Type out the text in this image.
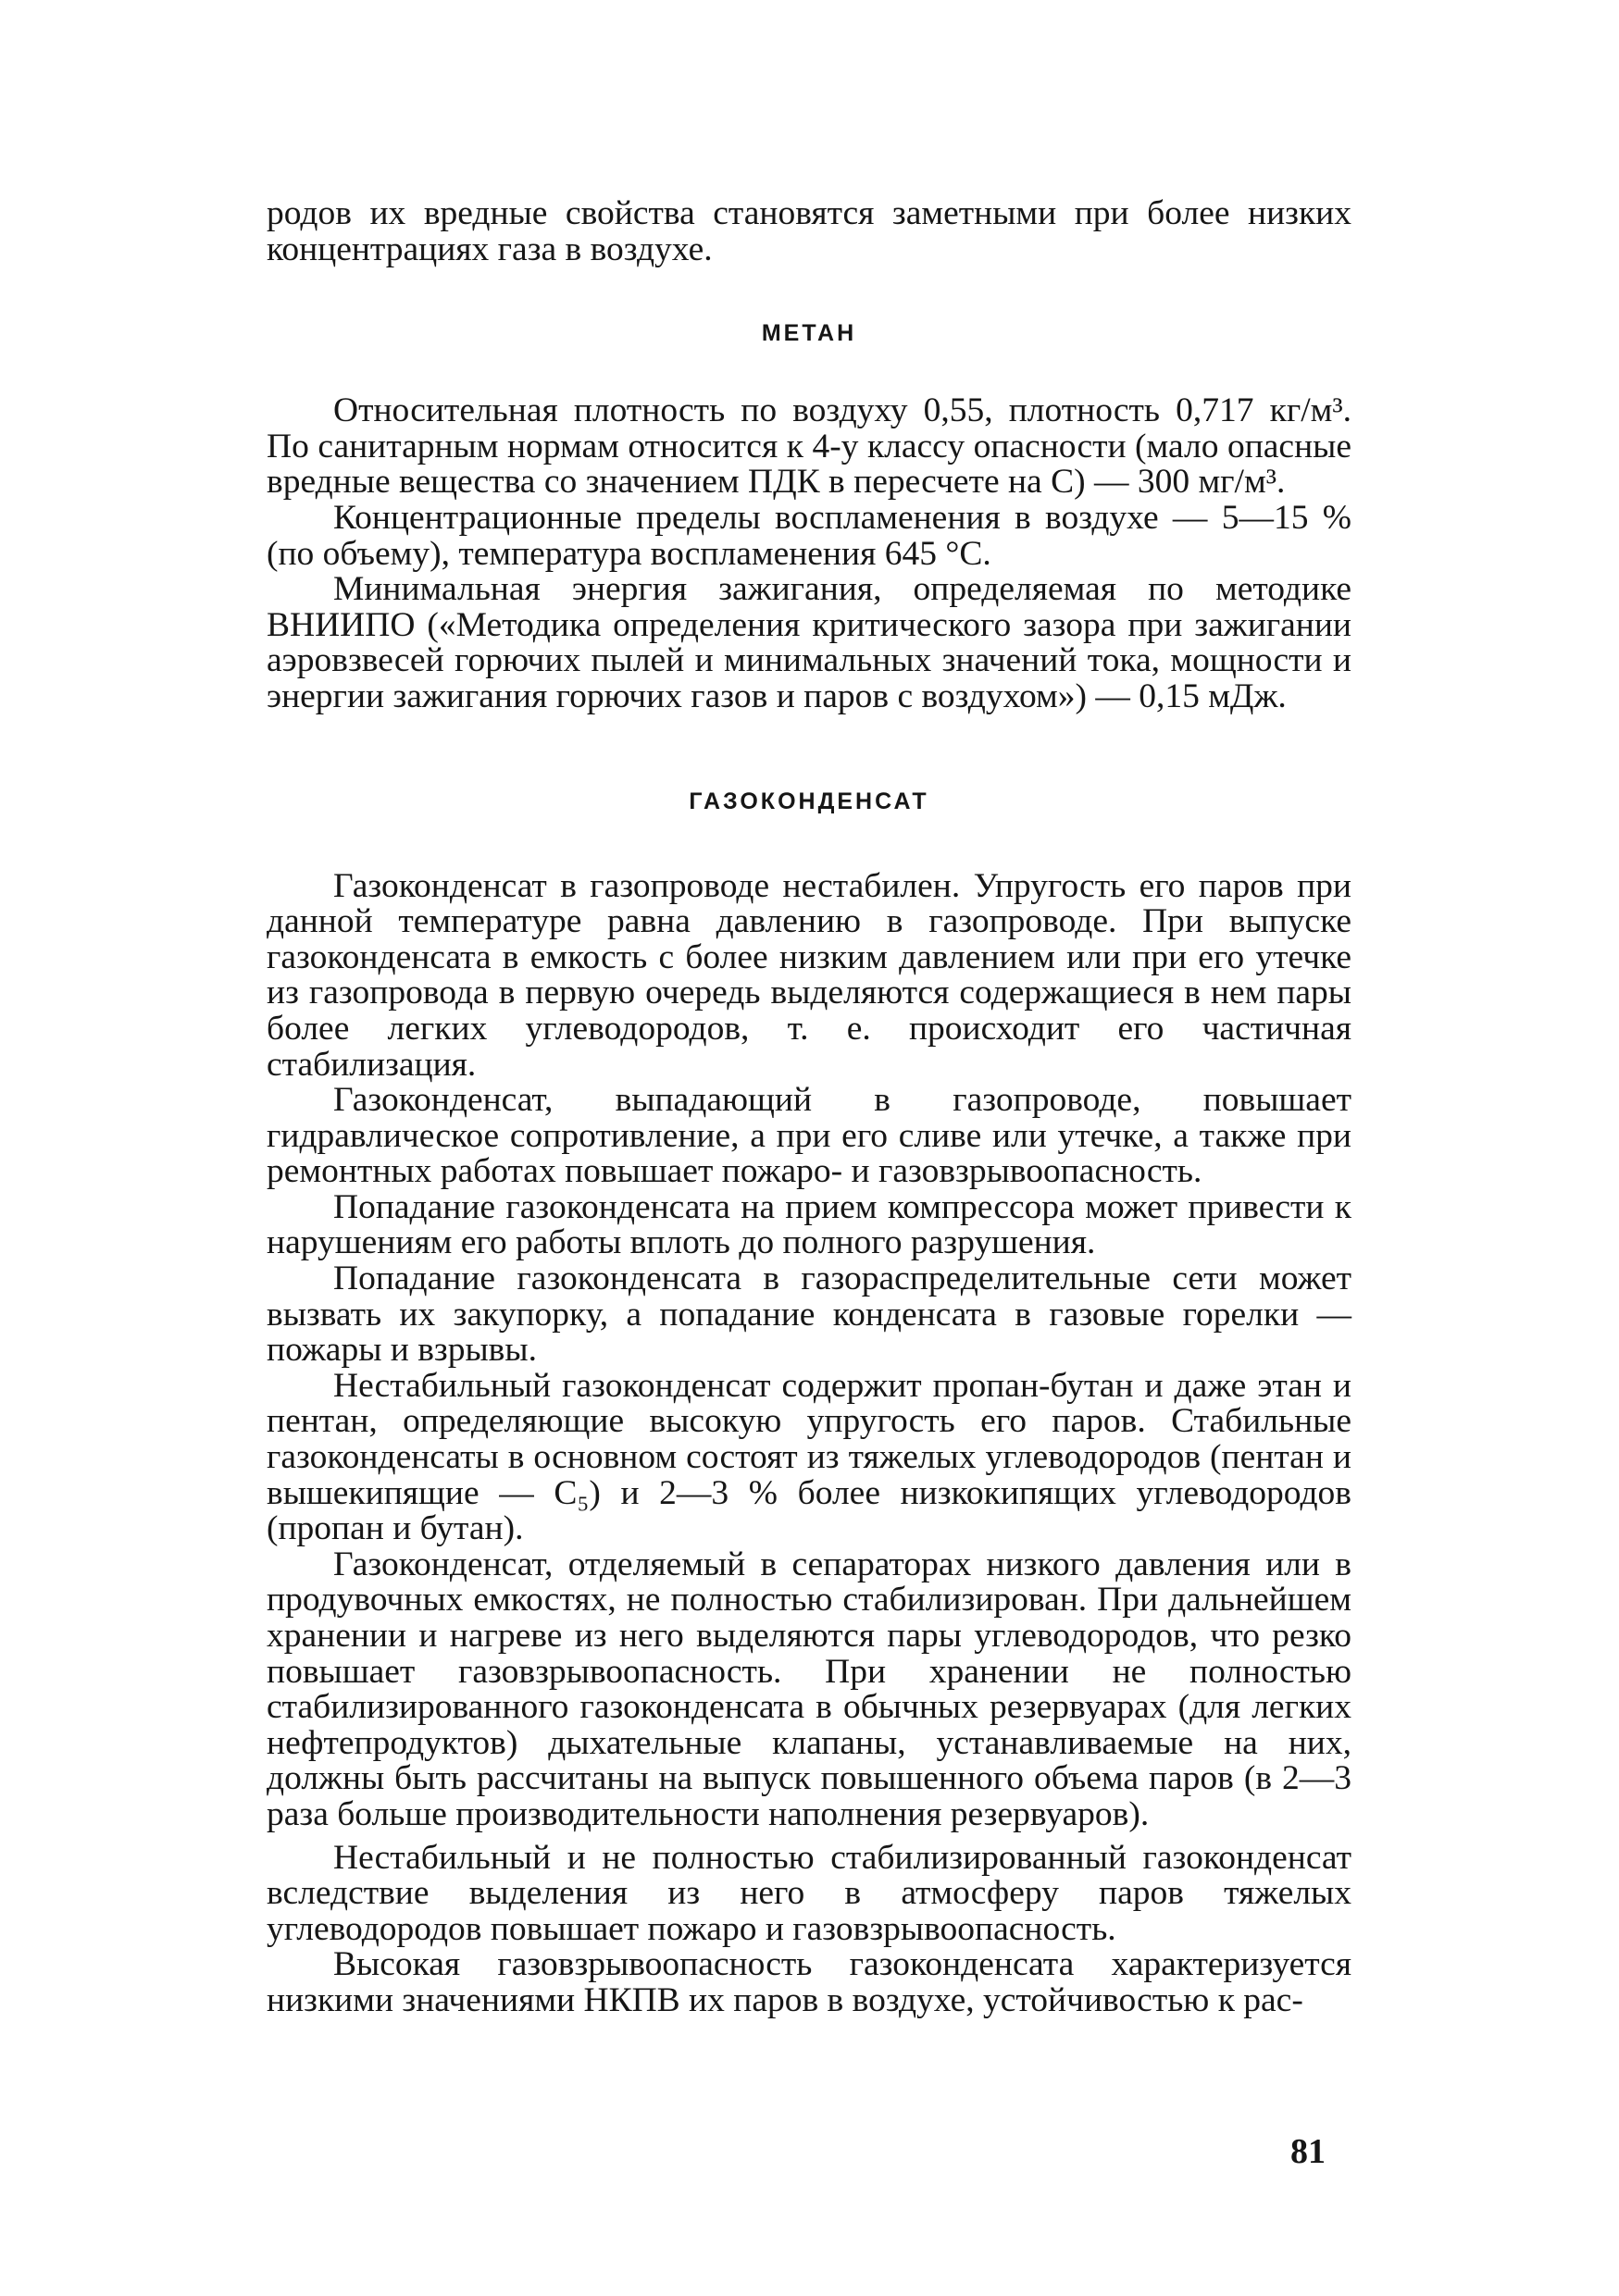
родов их вредные свойства становятся заметными при более низких концентрациях газа в воздухе.

МЕТАН

Относительная плотность по воздуху 0,55, плотность 0,717 кг/м³. По санитарным нормам относится к 4-у классу опасности (мало опасные вредные вещества со значением ПДК в пересчете на С) — 300 мг/м³.

Концентрационные пределы воспламенения в воздухе — 5—15 % (по объему), температура воспламенения 645 °С.

Минимальная энергия зажигания, определяемая по методике ВНИИПО («Методика определения критического зазора при зажигании аэровзвесей горючих пылей и минимальных значений тока, мощности и энергии зажигания горючих газов и паров с воздухом») — 0,15 мДж.

ГАЗОКОНДЕНСАТ

Газоконденсат в газопроводе нестабилен. Упругость его паров при данной температуре равна давлению в газопроводе. При выпуске газоконденсата в емкость с более низким давлением или при его утечке из газопровода в первую очередь выделяются содержащиеся в нем пары более легких углеводородов, т. е. происходит его частичная стабилизация.

Газоконденсат, выпадающий в газопроводе, повышает гидравлическое сопротивление, а при его сливе или утечке, а также при ремонтных работах повышает пожаро- и газовзрывоопасность.

Попадание газоконденсата на прием компрессора может привести к нарушениям его работы вплоть до полного разрушения.

Попадание газоконденсата в газораспределительные сети может вызвать их закупорку, а попадание конденсата в газовые горелки — пожары и взрывы.

Нестабильный газоконденсат содержит пропан-бутан и даже этан и пентан, определяющие высокую упругость его паров. Стабильные газоконденсаты в основном состоят из тяжелых углеводородов (пентан и вышекипящие — C₅) и 2—3 % более низкокипящих углеводородов (пропан и бутан).

Газоконденсат, отделяемый в сепараторах низкого давления или в продувочных емкостях, не полностью стабилизирован. При дальнейшем хранении и нагреве из него выделяются пары углеводородов, что резко повышает газовзрывоопасность. При хранении не полностью стабилизированного газоконденсата в обычных резервуарах (для легких нефтепродуктов) дыхательные клапаны, устанавливаемые на них, должны быть рассчитаны на выпуск повышенного объема паров (в 2—3 раза больше производительности наполнения резервуаров).

Нестабильный и не полностью стабилизированный газоконденсат вследствие выделения из него в атмосферу паров тяжелых углеводородов повышает пожаро и газовзрывоопасность.

Высокая газовзрывоопасность газоконденсата характеризуется низкими значениями НКПВ их паров в воздухе, устойчивостью к рас-

81
